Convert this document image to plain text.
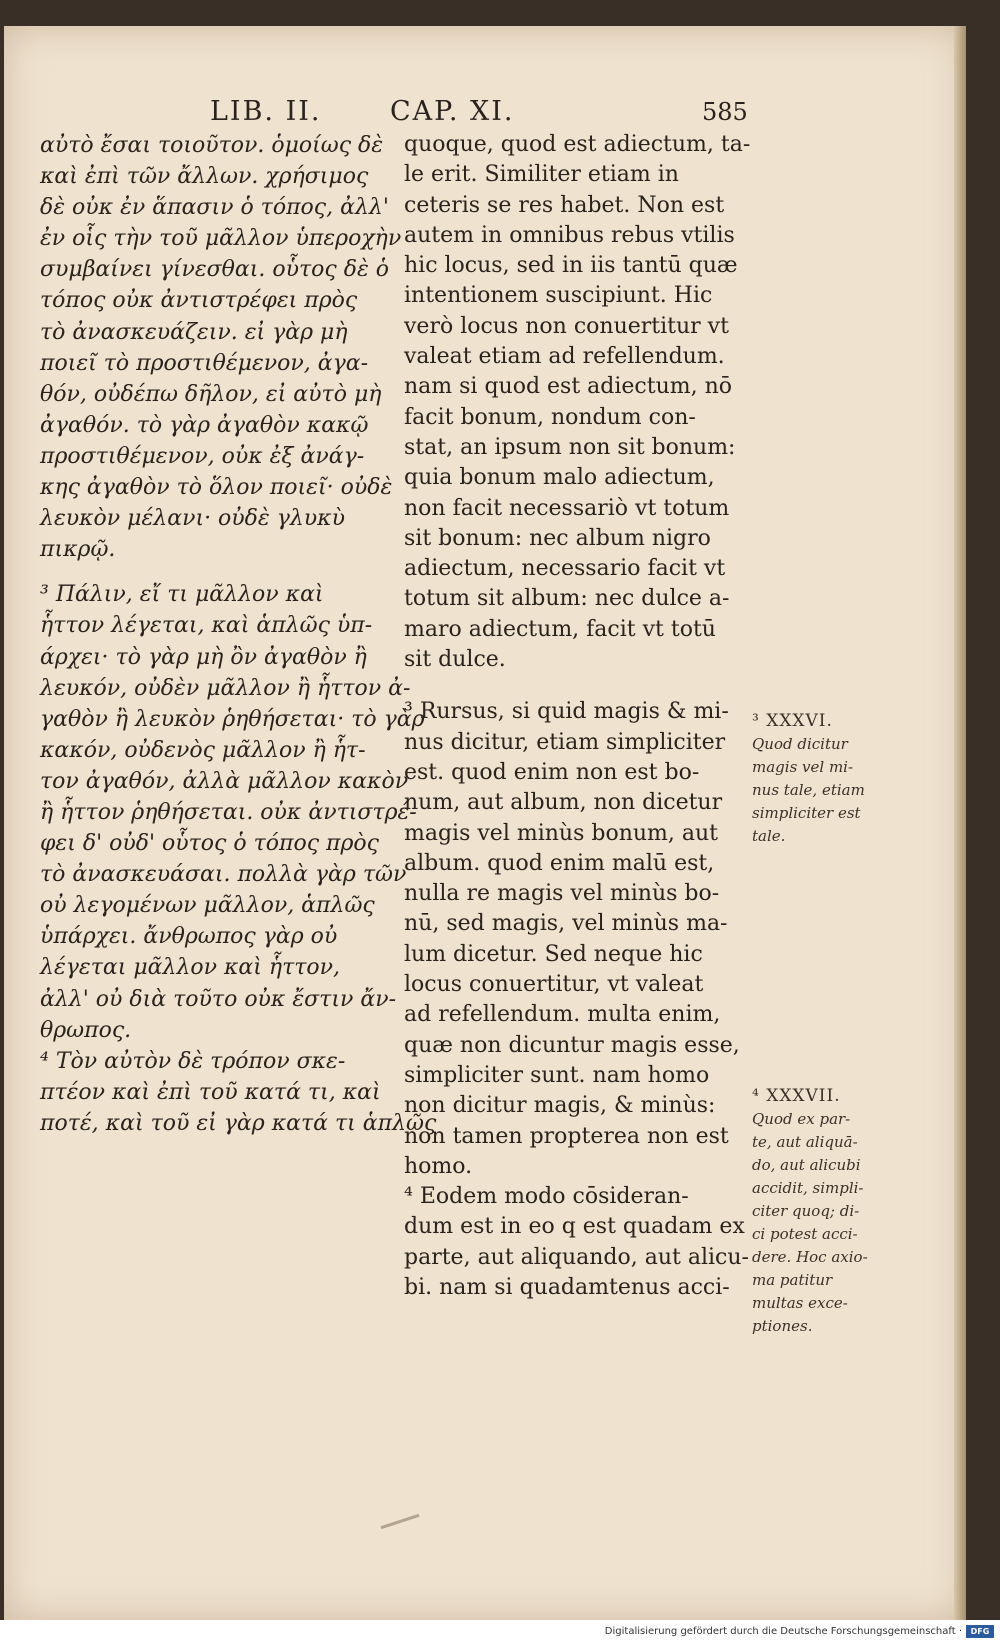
LIB. II.	CAP. XI.	585
αὐτὸ ἔσαι τοιοῦτον. ὁμοίως δὲ
καὶ ἐπὶ τῶν ἄλλων. χρήσιμος
δὲ οὐκ ἐν ἅπασιν ὁ τόπος, ἀλλ'
ἐν οἷς τὴν τοῦ μᾶλλον ὑπεροχὴν
συμβαίνει γίνεσθαι. οὗτος δὲ ὁ
τόπος οὐκ ἀντιστρέφει πρὸς
τὸ ἀνασκευάζειν. εἰ γὰρ μὴ
ποιεῖ τὸ προστιθέμενον, ἀγα-
θόν, οὐδέπω δῆλον, εἰ αὐτὸ μὴ
ἀγαθόν. τὸ γὰρ ἀγαθὸν κακῷ
προστιθέμενον, οὐκ ἐξ ἀνάγ-
κης ἀγαθὸν τὸ ὅλον ποιεῖ· οὐδὲ
λευκὸν μέλανι· οὐδὲ γλυκὺ
πικρῷ.
³ Πάλιν, εἴ τι μᾶλλον καὶ
ἧττον λέγεται, καὶ ἁπλῶς ὑπ-
άρχει· τὸ γὰρ μὴ ὂν ἀγαθὸν ἢ
λευκόν, οὐδὲν μᾶλλον ἢ ἧττον ἀ-
γαθὸν ἢ λευκὸν ῥηθήσεται· τὸ γὰρ
κακόν, οὐδενὸς μᾶλλον ἢ ἧτ-
τον ἀγαθόν, ἀλλὰ μᾶλλον κακὸν
ἢ ἧττον ῥηθήσεται. οὐκ ἀντιστρέ-
φει δ' οὐδ' οὗτος ὁ τόπος πρὸς
τὸ ἀνασκευάσαι. πολλὰ γὰρ τῶν
οὐ λεγομένων μᾶλλον, ἁπλῶς
ὑπάρχει. ἄνθρωπος γὰρ οὐ
λέγεται μᾶλλον καὶ ἧττον,
ἀλλ' οὐ διὰ τοῦτο οὐκ ἔστιν ἄν-
θρωπος.
⁴ Τὸν αὐτὸν δὲ τρόπον σκε-
πτέον καὶ ἐπὶ τοῦ κατά τι, καὶ
ποτέ, καὶ τοῦ εἰ γὰρ κατά τι ἁπλῶς
quoque, quod est adiectum, ta-
le erit. Similiter etiam in
ceteris se res habet. Non est
autem in omnibus rebus vtilis
hic locus, sed in iis tantū quæ
intentionem suscipiunt. Hic
verò locus non conuertitur vt
valeat etiam ad refellendum.
nam si quod est adiectum, nō
facit bonum, nondum con-
stat, an ipsum non sit bonum:
quia bonum malo adiectum,
non facit necessariò vt totum
sit bonum: nec album nigro
adiectum, necessario facit vt
totum sit album: nec dulce a-
maro adiectum, facit vt totū
sit dulce.
³ Rursus, si quid magis & mi-
nus dicitur, etiam simpliciter
est. quod enim non est bo-
num, aut album, non dicetur
magis vel minùs bonum, aut
album. quod enim malū est,
nulla re magis vel minùs bo-
nū, sed magis, vel minùs ma-
lum dicetur. Sed neque hic
locus conuertitur, vt valeat
ad refellendum. multa enim,
quæ non dicuntur magis esse,
simpliciter sunt. nam homo
non dicitur magis, & minùs:
non tamen propterea non est
homo.
⁴ Eodem modo cōsideran-
dum est in eo q est quadam ex
parte, aut aliquando, aut alicu-
bi. nam si quadamtenus acci-
³ XXXVI.
Quod dicitur
magis vel mi-
nus tale, etiam
simpliciter est
tale.
⁴ XXXVII.
Quod ex par-
te, aut aliquā-
do, aut alicubi
accidit, simpli-
citer quoq; di-
ci potest acci-
dere. Hoc axio-
ma patitur
multas exce-
ptiones.
Digitalisierung gefördert durch die Deutsche Forschungsgemeinschaft ·	DFG
